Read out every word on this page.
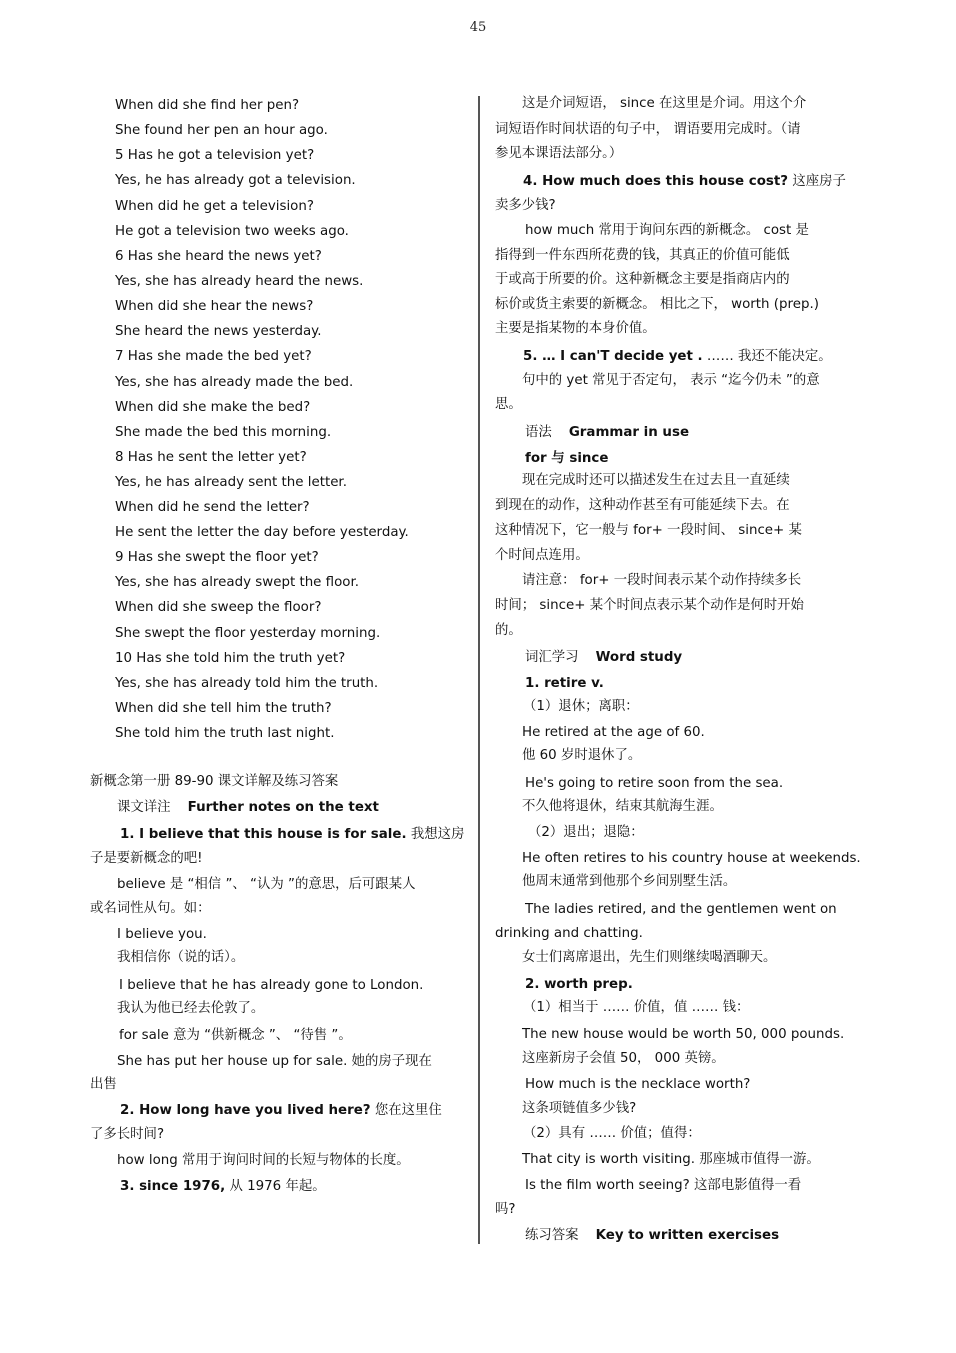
45
When did she find her pen?
She found her pen an hour ago.
5 Has he got a television yet?
Yes, he has already got a television.
When did he get a television?
He got a television two weeks ago.
6 Has she heard the news yet?
Yes, she has already heard the news.
When did she hear the news?
She heard the news yesterday.
7 Has she made the bed yet?
Yes, she has already made the bed.
When did she make the bed?
She made the bed this morning.
8 Has he sent the letter yet?
Yes, he has already sent the letter.
When did he send the letter?
He sent the letter the day before yesterday.
9 Has she swept the floor yet?
Yes, she has already swept the floor.
When did she sweep the floor?
She swept the floor yesterday morning.
10 Has she told him the truth yet?
Yes, she has already told him the truth.
When did she tell him the truth?
She told him the truth last night.
新概念第一册 89-90 课文详解及练习答案
课文详注 Further notes on the text
1. I believe that this house is for sale. 我想这房
子是要新概念的吧!
believe 是 “相信 ”、 “认为 ”的意思，后可跟某人
或名词性从句。如：
I believe you.
我相信你（说的话）。
I believe that he has already gone to London.
我认为他已经去伦敦了。
for sale 意为 “供新概念 ”、 “待售 ”。
She has put her house up for sale. 她的房子现在
出售
2. How long have you lived here? 您在这里住
了多长时间?
how long 常用于询问时间的长短与物体的长度。
3. since 1976, 从 1976 年起。
这是介词短语， since 在这里是介词。用这个介
词短语作时间状语的句子中， 谓语要用完成时。（请
参见本课语法部分。）
4. How much does this house cost? 这座房子
卖多少钱?
how much 常用于询问东西的新概念。 cost 是
指得到一件东西所花费的钱，其真正的价值可能低
于或高于所要的价。这种新概念主要是指商店内的
标价或货主索要的新概念。 相比之下， worth (prep.)
主要是指某物的本身价值。
5. … I can'T decide yet . …… 我还不能决定。
句中的 yet 常见于否定句， 表示 “迄今仍未 ”的意
思。
语法 Grammar in use
for 与 since
现在完成时还可以描述发生在过去且一直延续
到现在的动作，这种动作甚至有可能延续下去。在
这种情况下，它一般与 for+ 一段时间、 since+ 某
个时间点连用。
请注意： for+ 一段时间表示某个动作持续多长
时间； since+ 某个时间点表示某个动作是何时开始
的。
词汇学习 Word study
1. retire v.
（1）退休；离职：
He retired at the age of 60.
他 60 岁时退休了。
He's going to retire soon from the sea.
不久他将退休，结束其航海生涯。
（2）退出；退隐：
He often retires to his country house at weekends.
他周末通常到他那个乡间别墅生活。
The ladies retired, and the gentlemen went on
drinking and chatting.
女士们离席退出，先生们则继续喝酒聊天。
2. worth prep.
（1）相当于 …… 价值，值 …… 钱：
The new house would be worth 50, 000 pounds.
这座新房子会值 50， 000 英镑。
How much is the necklace worth?
这条项链值多少钱?
（2）具有 …… 价值；值得：
That city is worth visiting. 那座城市值得一游。
Is the film worth seeing? 这部电影值得一看
吗?
练习答案 Key to written exercises
